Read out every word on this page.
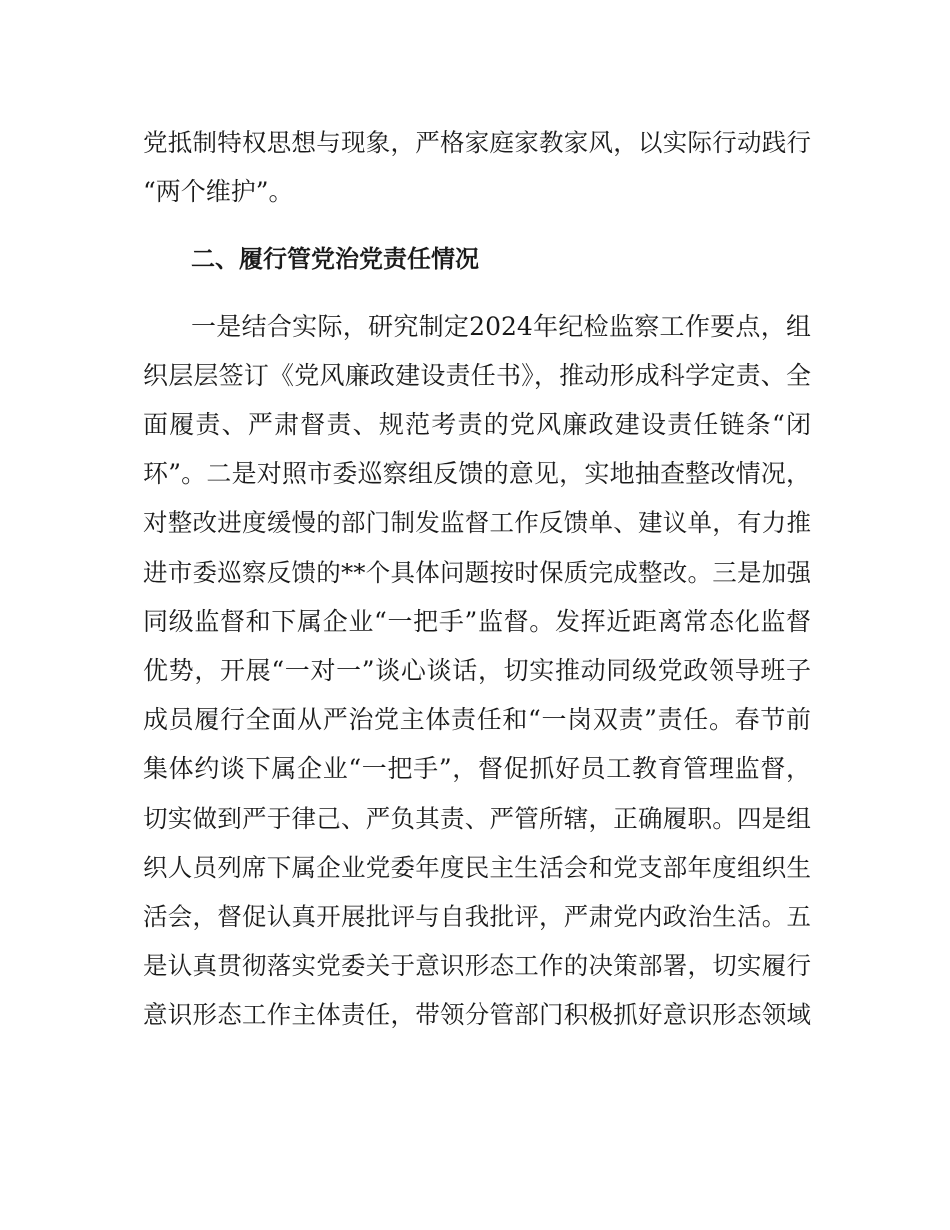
党抵制特权思想与现象，严格家庭家教家风，以实际行动践行
“两个维护”。
二、履行管党治党责任情况
一是结合实际，研究制定2024年纪检监察工作要点，组
织层层签订《党风廉政建设责任书》，推动形成科学定责、全
面履责、严肃督责、规范考责的党风廉政建设责任链条“闭
环”。二是对照市委巡察组反馈的意见，实地抽查整改情况，
对整改进度缓慢的部门制发监督工作反馈单、建议单，有力推
进市委巡察反馈的**个具体问题按时保质完成整改。三是加强
同级监督和下属企业“一把手”监督。发挥近距离常态化监督
优势，开展“一对一”谈心谈话，切实推动同级党政领导班子
成员履行全面从严治党主体责任和“一岗双责”责任。春节前
集体约谈下属企业“一把手”，督促抓好员工教育管理监督，
切实做到严于律己、严负其责、严管所辖，正确履职。四是组
织人员列席下属企业党委年度民主生活会和党支部年度组织生
活会，督促认真开展批评与自我批评，严肃党内政治生活。五
是认真贯彻落实党委关于意识形态工作的决策部署，切实履行
意识形态工作主体责任，带领分管部门积极抓好意识形态领域
